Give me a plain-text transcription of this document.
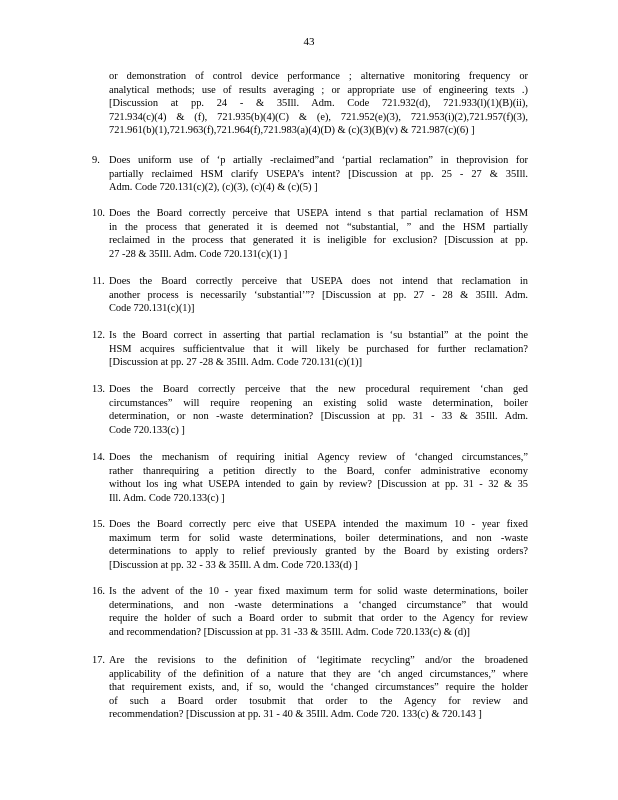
43
or demonstration of control device performance ; alternative monitoring frequency or
analytical methods; use of results averaging ; or appropriate use of engineering texts .)
[Discussion at pp. 24 - & 35Ill. Adm. Code 721.932(d), 721.933(l)(1)(B)(ii),
721.934(c)(4) & (f), 721.935(b)(4)(C) & (e), 721.952(e)(3), 721.953(i)(2),721.957(f)(3),
721.961(b)(1),721.963(f),721.964(f),721.983(a)(4)(D) & (c)(3)(B)(v) & 721.987(c)(6) ]
9. Does uniform use of ‘p artially -reclaimed”and ‘partial reclamation” in theprovision for
partially reclaimed HSM clarify USEPA’s intent? [Discussion at pp. 25 - 27 & 35Ill.
Adm. Code 720.131(c)(2), (c)(3), (c)(4) & (c)(5) ]
10. Does the Board correctly perceive that USEPA intend s that partial reclamation of HSM
in the process that generated it is deemed not “substantial, ” and the HSM partially
reclaimed in the process that generated it is ineligible for exclusion? [Discussion at pp.
27 -28 & 35Ill. Adm. Code 720.131(c)(1) ]
11. Does the Board correctly perceive that USEPA does not intend that reclamation in
another process is necessarily ‘substantial’”? [Discussion at pp. 27 - 28 & 35Ill. Adm.
Code 720.131(c)(1)]
12. Is the Board correct in asserting that partial reclamation is ‘su bstantial” at the point the
HSM acquires sufficientvalue that it will likely be purchased for further reclamation?
[Discussion at pp. 27 -28 & 35Ill. Adm. Code 720.131(c)(1)]
13. Does the Board correctly perceive that the new procedural requirement ‘chan ged
circumstances” will require reopening an existing solid waste determination, boiler
determination, or non -waste determination? [Discussion at pp. 31 - 33 & 35Ill. Adm.
Code 720.133(c) ]
14. Does the mechanism of requiring initial Agency review of ‘changed circumstances,”
rather thanrequiring a petition directly to the Board, confer administrative economy
without los ing what USEPA intended to gain by review? [Discussion at pp. 31 - 32 & 35
Ill. Adm. Code 720.133(c) ]
15. Does the Board correctly perc eive that USEPA intended the maximum 10 - year fixed
maximum term for solid waste determinations, boiler determinations, and non -waste
determinations to apply to relief previously granted by the Board by existing orders?
[Discussion at pp. 32 - 33 & 35Ill. A dm. Code 720.133(d) ]
16. Is the advent of the 10 - year fixed maximum term for solid waste determinations, boiler
determinations, and non -waste determinations a ‘changed circumstance” that would
require the holder of such a Board order to submit that order to the Agency for review
and recommendation? [Discussion at pp. 31 -33 & 35Ill. Adm. Code 720.133(c) & (d)]
17. Are the revisions to the definition of ‘legitimate recycling” and/or the broadened
applicability of the definition of a nature that they are ‘ch anged circumstances,” where
that requirement exists, and, if so, would the ‘changed circumstances” require the holder
of such a Board order tosubmit that order to the Agency for review and
recommendation? [Discussion at pp. 31 - 40 & 35Ill. Adm. Code 720. 133(c) & 720.143 ]
